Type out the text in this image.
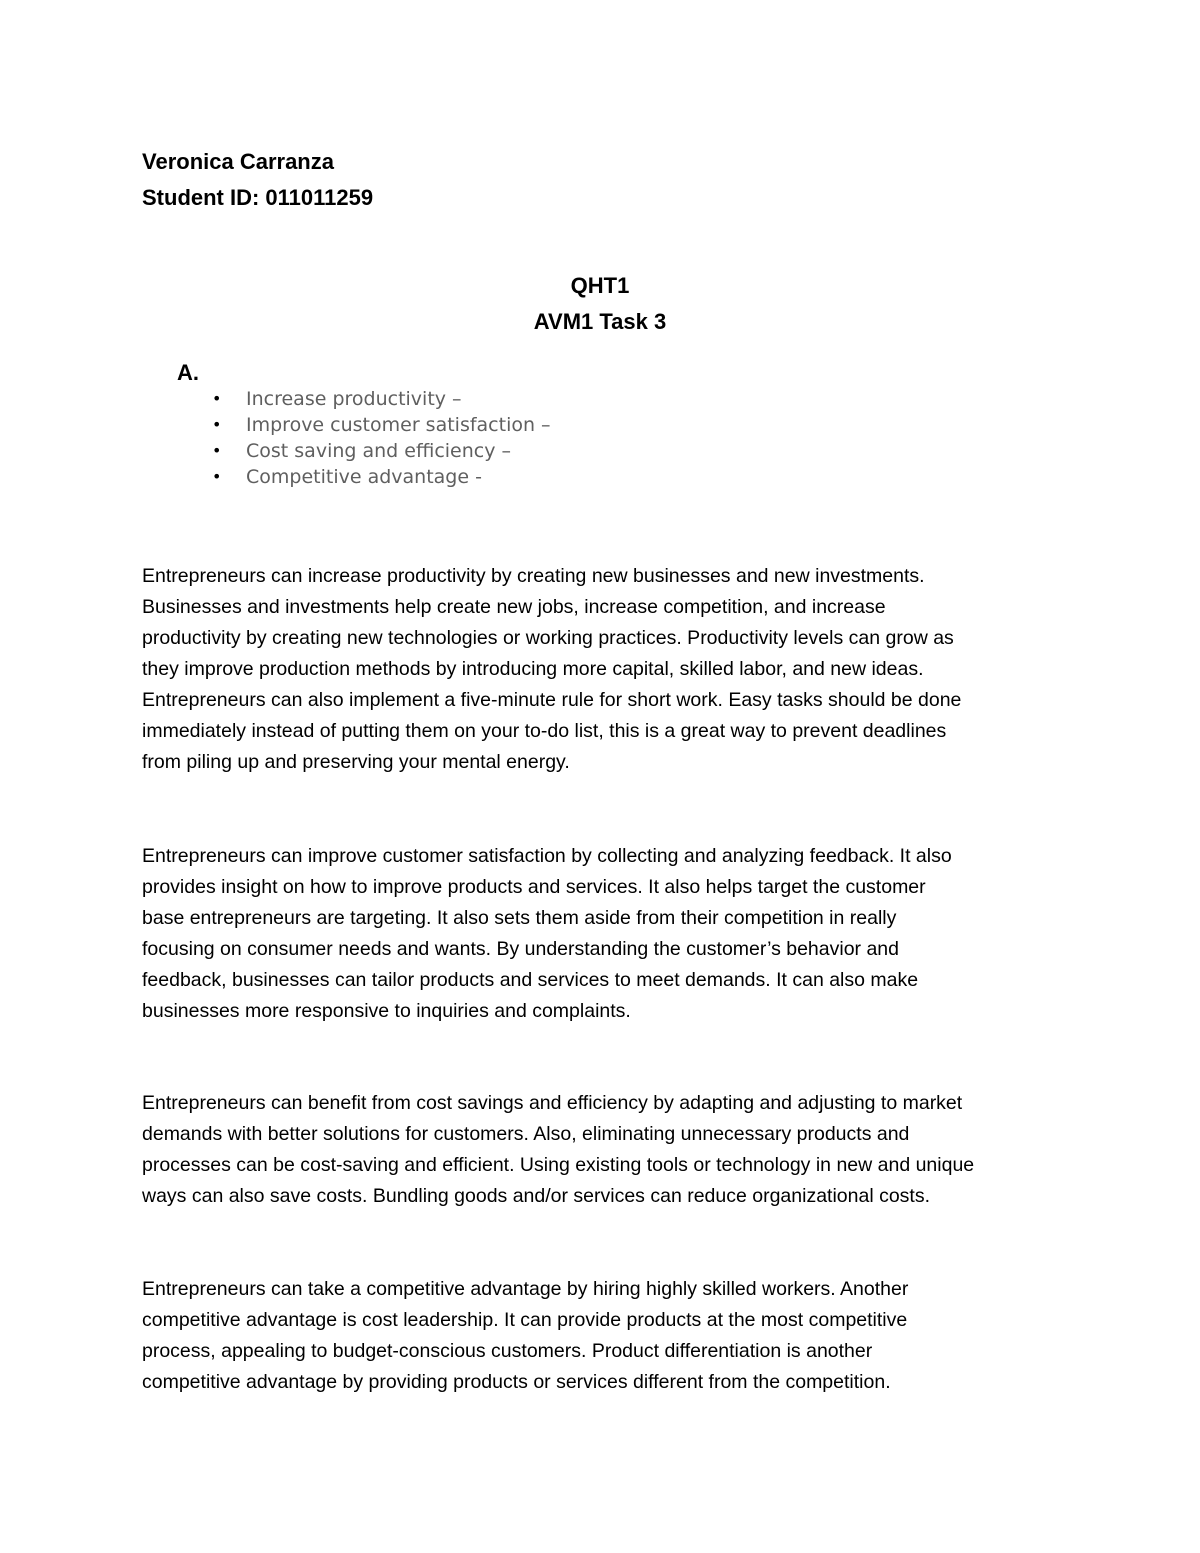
Veronica Carranza
Student ID: 011011259
QHT1
AVM1 Task 3
A.
• Increase productivity –
• Improve customer satisfaction –
• Cost saving and efficiency –
• Competitive advantage -
Entrepreneurs can increase productivity by creating new businesses and new investments.
Businesses and investments help create new jobs, increase competition, and increase
productivity by creating new technologies or working practices. Productivity levels can grow as
they improve production methods by introducing more capital, skilled labor, and new ideas.
Entrepreneurs can also implement a five-minute rule for short work. Easy tasks should be done
immediately instead of putting them on your to-do list, this is a great way to prevent deadlines
from piling up and preserving your mental energy.
Entrepreneurs can improve customer satisfaction by collecting and analyzing feedback. It also
provides insight on how to improve products and services. It also helps target the customer
base entrepreneurs are targeting. It also sets them aside from their competition in really
focusing on consumer needs and wants. By understanding the customer’s behavior and
feedback, businesses can tailor products and services to meet demands. It can also make
businesses more responsive to inquiries and complaints.
Entrepreneurs can benefit from cost savings and efficiency by adapting and adjusting to market
demands with better solutions for customers. Also, eliminating unnecessary products and
processes can be cost-saving and efficient. Using existing tools or technology in new and unique
ways can also save costs. Bundling goods and/or services can reduce organizational costs.
Entrepreneurs can take a competitive advantage by hiring highly skilled workers. Another
competitive advantage is cost leadership. It can provide products at the most competitive
process, appealing to budget-conscious customers. Product differentiation is another
competitive advantage by providing products or services different from the competition.
